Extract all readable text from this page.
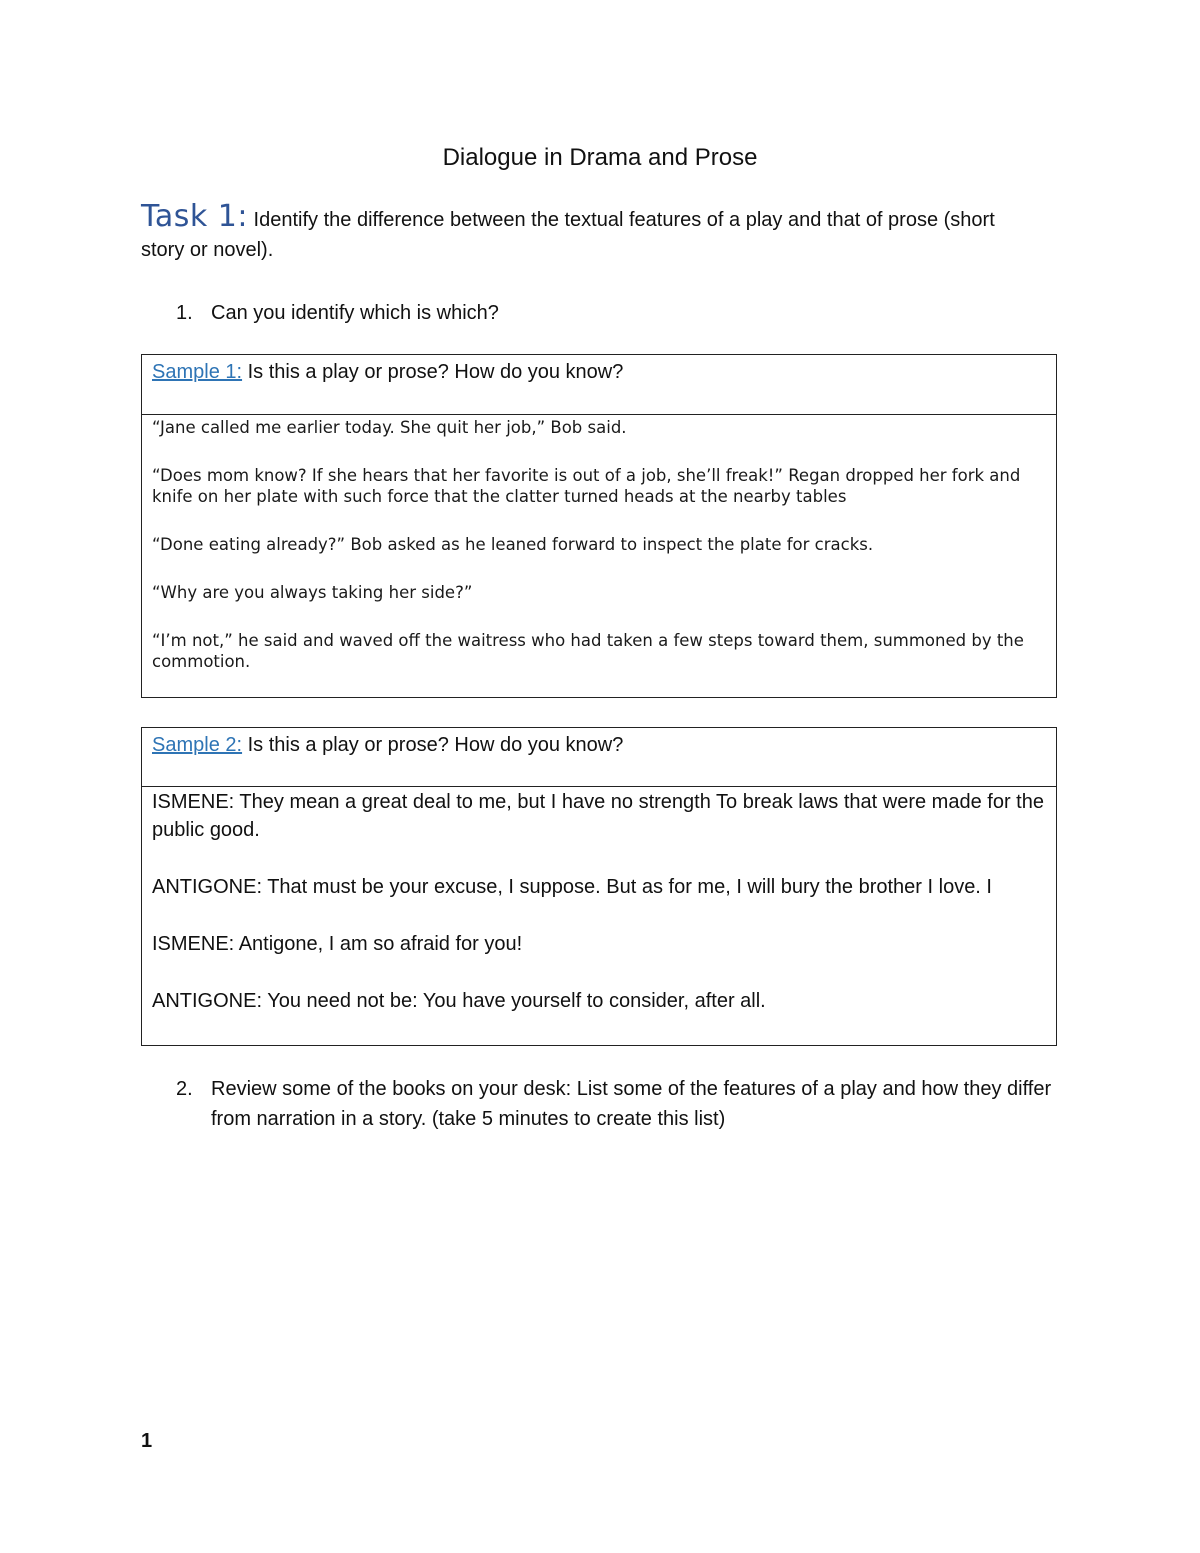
Dialogue in Drama and Prose
Task 1: Identify the difference between the textual features of a play and that of prose (short story or novel).
1. Can you identify which is which?
Sample 1: Is this a play or prose? How do you know?

“Jane called me earlier today. She quit her job,” Bob said.

“Does mom know? If she hears that her favorite is out of a job, she’ll freak!” Regan dropped her fork and knife on her plate with such force that the clatter turned heads at the nearby tables

“Done eating already?” Bob asked as he leaned forward to inspect the plate for cracks.

“Why are you always taking her side?”

“I’m not,” he said and waved off the waitress who had taken a few steps toward them, summoned by the commotion.

Sample 2: Is this a play or prose? How do you know?

ISMENE: They mean a great deal to me, but I have no strength To break laws that were made for the public good.

ANTIGONE: That must be your excuse, I suppose. But as for me, I will bury the brother I love. I

ISMENE: Antigone, I am so afraid for you!

ANTIGONE: You need not be: You have yourself to consider, after all.

2. Review some of the books on your desk: List some of the features of a play and how they differ from narration in a story. (take 5 minutes to create this list)
1
